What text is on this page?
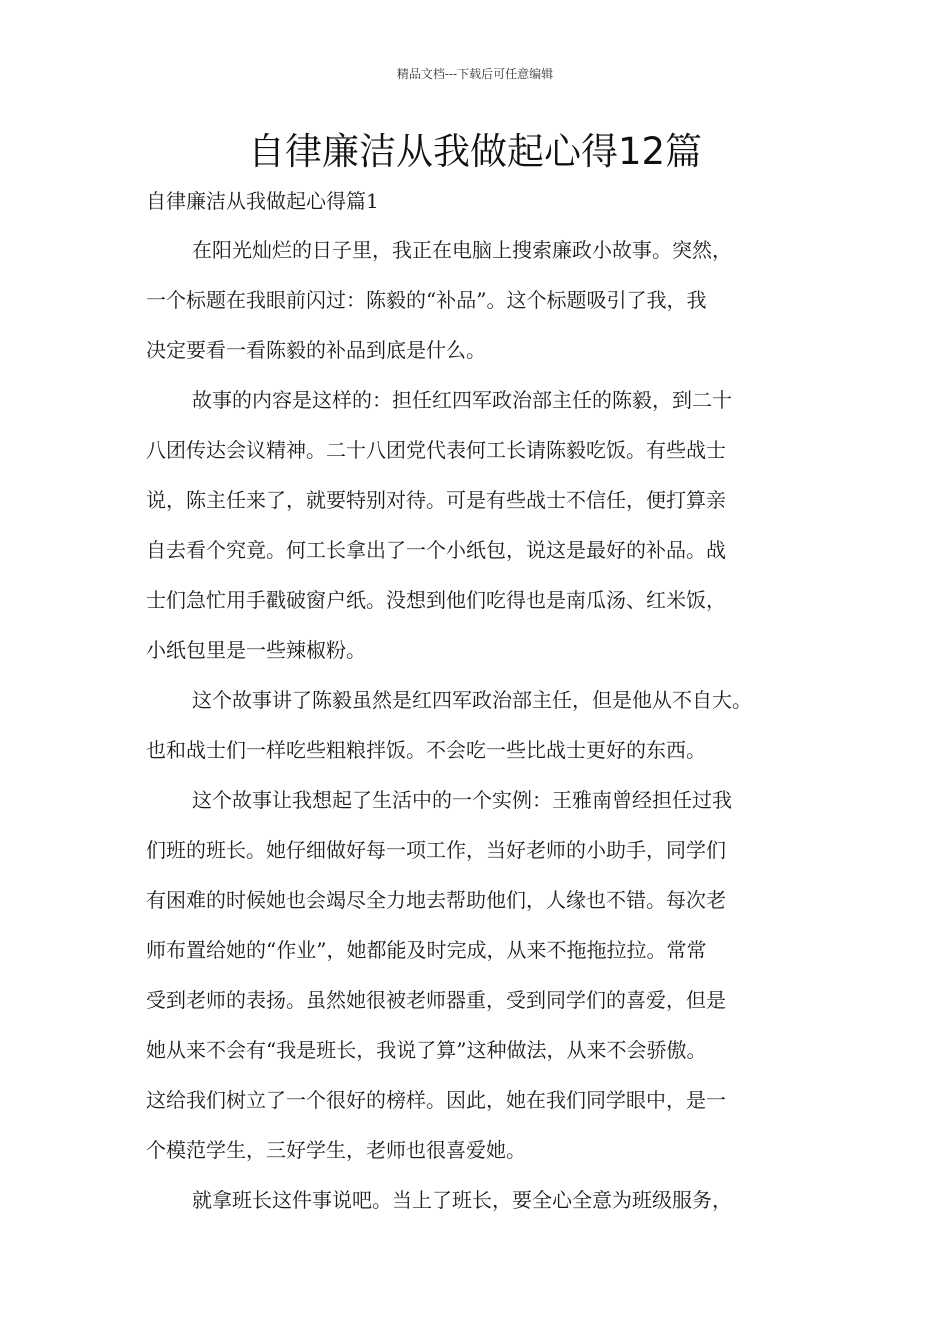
精品文档---下载后可任意编辑
自律廉洁从我做起心得12篇
自律廉洁从我做起心得篇1
在阳光灿烂的日子里，我正在电脑上搜索廉政小故事。突然，
一个标题在我眼前闪过：陈毅的“补品”。这个标题吸引了我，我
决定要看一看陈毅的补品到底是什么。
故事的内容是这样的：担任红四军政治部主任的陈毅，到二十
八团传达会议精神。二十八团党代表何工长请陈毅吃饭。有些战士
说，陈主任来了，就要特别对待。可是有些战士不信任，便打算亲
自去看个究竟。何工长拿出了一个小纸包，说这是最好的补品。战
士们急忙用手戳破窗户纸。没想到他们吃得也是南瓜汤、红米饭，
小纸包里是一些辣椒粉。
这个故事讲了陈毅虽然是红四军政治部主任，但是他从不自大。
也和战士们一样吃些粗粮拌饭。不会吃一些比战士更好的东西。
这个故事让我想起了生活中的一个实例：王雅南曾经担任过我
们班的班长。她仔细做好每一项工作，当好老师的小助手，同学们
有困难的时候她也会竭尽全力地去帮助他们，人缘也不错。每次老
师布置给她的“作业”，她都能及时完成，从来不拖拖拉拉。常常
受到老师的表扬。虽然她很被老师器重，受到同学们的喜爱，但是
她从来不会有“我是班长，我说了算”这种做法，从来不会骄傲。
这给我们树立了一个很好的榜样。因此，她在我们同学眼中，是一
个模范学生，三好学生，老师也很喜爱她。
就拿班长这件事说吧。当上了班长，要全心全意为班级服务，
